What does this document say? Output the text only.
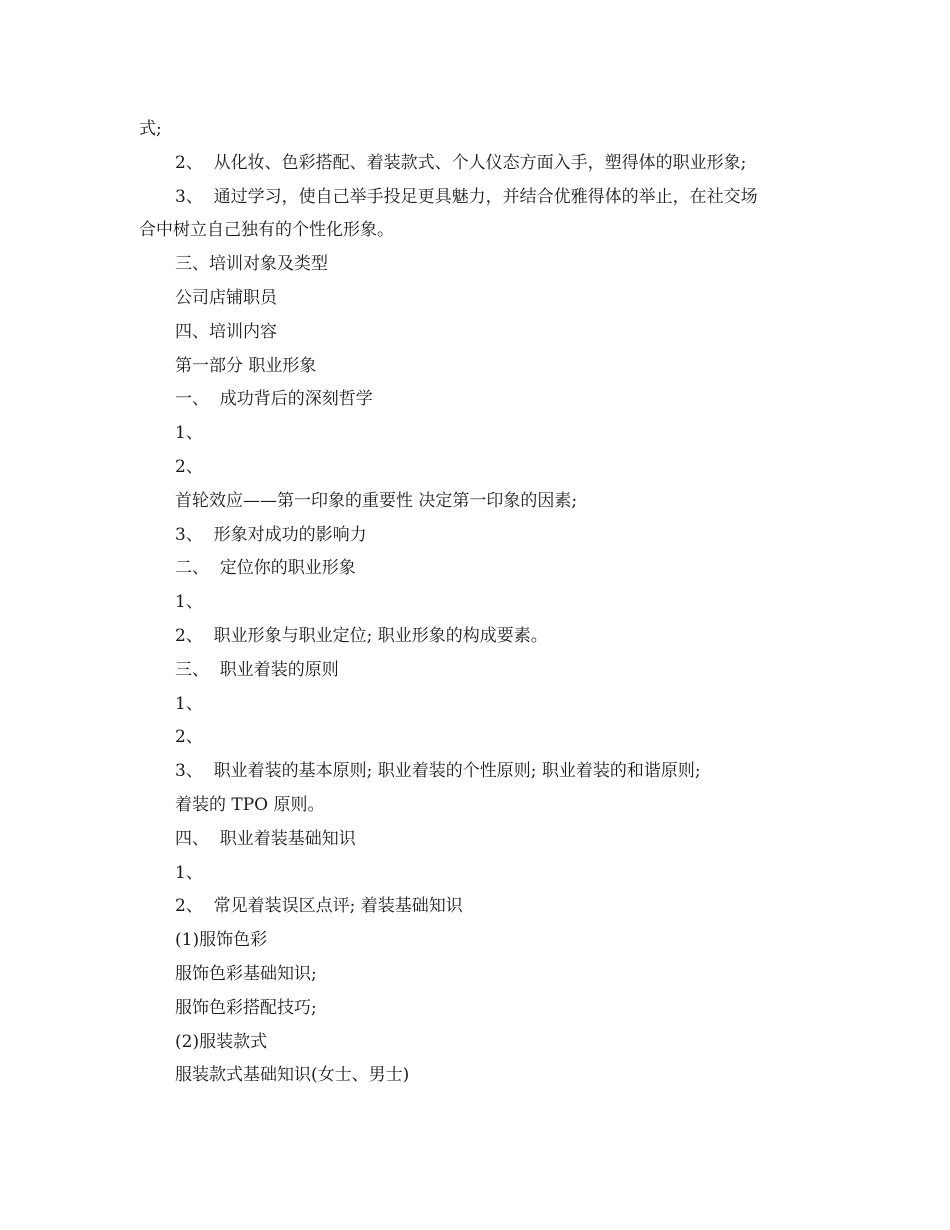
式;

2、  从化妆、色彩搭配、着装款式、个人仪态方面入手，塑得体的职业形象;

3、  通过学习，使自己举手投足更具魅力，并结合优雅得体的举止，在社交场

合中树立自己独有的个性化形象。

三、培训对象及类型

公司店铺职员

四、培训内容

第一部分 职业形象

一、  成功背后的深刻哲学

1、

2、

首轮效应——第一印象的重要性 决定第一印象的因素;

3、  形象对成功的影响力

二、  定位你的职业形象

1、

2、  职业形象与职业定位; 职业形象的构成要素。

三、  职业着装的原则

1、

2、

3、  职业着装的基本原则; 职业着装的个性原则; 职业着装的和谐原则;

着装的 TPO 原则。

四、  职业着装基础知识

1、

2、  常见着装误区点评; 着装基础知识

(1)服饰色彩

服饰色彩基础知识;

服饰色彩搭配技巧;

(2)服装款式

服装款式基础知识(女士、男士)
